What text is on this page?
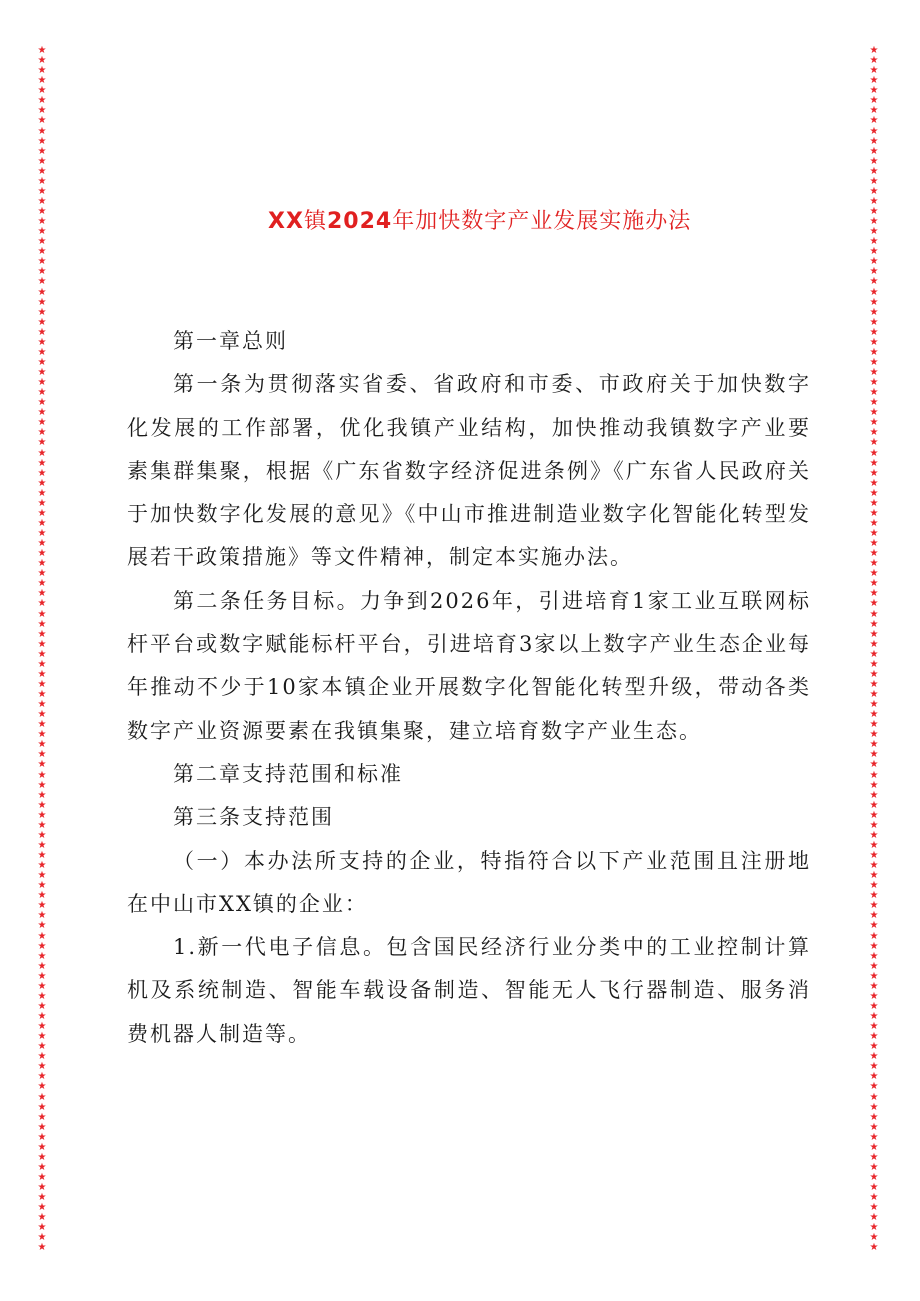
★
★
★
★
★
★
★
★
★
★
★
★
★
★
★
★
★
★
★
★
★
★
★
★
★
★
★
★
★
★
★
★
★
★
★
★
★
★
★
★
★
★
★
★
★
★
★
★
★
★
★
★
★
★
★
★
★
★
★
★
★
★
★
★
★
★
★
★
★
★
★
★
★
★
★
★
★
★
★
★
★
★
★
★
★
★
★
★
★
★
★
★
★
★
★
★
★
★
★
★
★
★
★
★
★
★
★
★
★
★
★
★
★
★
★
★
★
★
★
★
★
★
★
★
★
★
★
★
★
★
★
★
★
★
★
★
★
★
★
★
★
★
★
★
★
★
★
★
★
★
★
★
★
★
★
★
★
★
★
★
★
★
★
★
★
★
★
★
★
★
★
★
★
★
★
★
★
★
★
★
★
★
★
★
★
★
★
★
★
★
★
★
★
★
★
★
★
★
★
★
★
★
★
★
★
★
★
★
★
★
★
★
★
★
★
★
★
★
★
★
★
★
★
★
★
★
★
★
★
★
★
★
★
★
★
★
★
★
★
★
XX镇2024年加快数字产业发展实施办法

第一章总则

第一条为贯彻落实省委、省政府和市委、市政府关于加快数字化发展的工作部署，优化我镇产业结构，加快推动我镇数字产业要素集群集聚，根据《广东省数字经济促进条例》《广东省人民政府关于加快数字化发展的意见》《中山市推进制造业数字化智能化转型发展若干政策措施》等文件精神，制定本实施办法。

第二条任务目标。力争到2026年，引进培育1家工业互联网标杆平台或数字赋能标杆平台，引进培育3家以上数字产业生态企业每年推动不少于10家本镇企业开展数字化智能化转型升级，带动各类数字产业资源要素在我镇集聚，建立培育数字产业生态。

第二章支持范围和标准

第三条支持范围

（一）本办法所支持的企业，特指符合以下产业范围且注册地在中山市XX镇的企业：

1.新一代电子信息。包含国民经济行业分类中的工业控制计算机及系统制造、智能车载设备制造、智能无人飞行器制造、服务消费机器人制造等。
